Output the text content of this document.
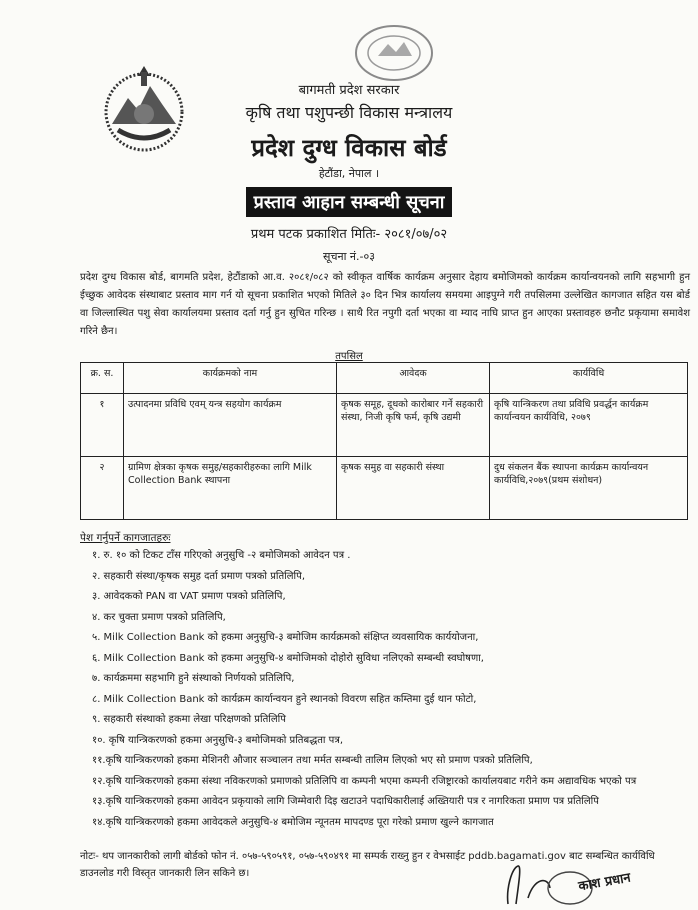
बागमती प्रदेश सरकार
कृषि तथा पशुपन्छी विकास मन्त्रालय
प्रदेश दुग्ध विकास बोर्ड
हेटौंडा, नेपाल ।
प्रस्ताव आहान सम्बन्धी सूचना
प्रथम पटक प्रकाशित मितिः- २०८१/०७/०२
सूचना नं.-०३
प्रदेश दुग्ध विकास बोर्ड, बागमति प्रदेश, हेटौंडाको आ.व. २०८१/०८२ को स्वीकृत वार्षिक कार्यक्रम अनुसार देहाय बमोजिमको कार्यक्रम कार्यान्वयनको लागि सहभागी हुन ईच्छुक आवेदक संस्थाबाट प्रस्ताव माग गर्न यो सूचना प्रकाशित भएको मितिले ३० दिन भित्र कार्यालय समयमा आइपुग्ने गरी तपसिलमा उल्लेखित कागजात सहित यस बोर्ड वा जिल्लास्थित पशु सेवा कार्यालयमा प्रस्ताव दर्ता गर्नु हुन सुचित गरिन्छ । साथै रित नपुगी दर्ता भएका वा म्याद नाघि प्राप्त हुन आएका प्रस्तावहरु छनौट प्रकृयामा समावेश गरिने छैन।
तपसिल
क्र. स.	कार्यक्रमको नाम	आवेदक	कार्यविधि
१	उत्पादनमा प्रविधि एवम् यन्त्र सहयोग कार्यक्रम	कृषक समूह, दूधको कारोबार गर्ने सहकारी संस्था, निजी कृषि फर्म, कृषि उद्यमी	कृषि यान्त्रिकरण तथा प्रविधि प्रवर्द्धन कार्यक्रम कार्यान्वयन कार्यविधि, २०७९
२	ग्रामिण क्षेत्रका कृषक समुह/सहकारीहरुका लागि Milk Collection Bank स्थापना	कृषक समुह वा सहकारी संस्था	दुध संकलन बैंक स्थापना कार्यक्रम कार्यान्वयन कार्यविधि,२०७९(प्रथम संशोधन)
पेश गर्नुपर्ने कागजातहरुः
१. रु. १० को टिकट टाँस गरिएको अनुसुचि -२ बमोजिमको आवेदन पत्र .
२. सहकारी संस्था/कृषक समुह दर्ता प्रमाण पत्रको प्रतिलिपि,
३. आवेदकको PAN वा VAT प्रमाण पत्रको प्रतिलिपि,
४. कर चुक्ता प्रमाण पत्रको प्रतिलिपि,
५. Milk Collection Bank को हकमा अनुसुचि-३ बमोजिम कार्यक्रमको संक्षिप्त व्यवसायिक कार्ययोजना,
६. Milk Collection Bank को हकमा अनुसुचि-४ बमोजिमको दोहोरो सुविधा नलिएको सम्बन्धी स्वघोषणा,
७. कार्यक्रममा सहभागि हुने संस्थाको निर्णयको प्रतिलिपि,
८. Milk Collection Bank को कार्यक्रम कार्यान्वयन हुने स्थानको विवरण सहित कम्तिमा दुई थान फोटो,
९. सहकारी संस्थाको हकमा लेखा परिक्षणको प्रतिलिपि
१०. कृषि यान्त्रिकरणको हकमा अनुसुचि-३ बमोजिमको प्रतिबद्धता पत्र,
११.कृषि यान्त्रिकरणको हकमा मेशिनरी औजार सञ्चालन तथा मर्मत सम्बन्धी तालिम लिएको भए सो प्रमाण पत्रको प्रतिलिपि,
१२.कृषि यान्त्रिकरणको हकमा संस्था नविकरणको प्रमाणको प्रतिलिपि वा कम्पनी भएमा कम्पनी रजिष्ट्रारको कार्यालयबाट गरीने कम अद्यावधिक भएको पत्र
१३.कृषि यान्त्रिकरणको हकमा आवेदन प्रकृयाको लागि जिम्मेवारी दिइ खटाउने पदाधिकारीलाई अख्तियारी पत्र र नागरिकता प्रमाण पत्र प्रतिलिपि
१४.कृषि यान्त्रिकरणको हकमा आवेदकले अनुसुचि-४ बमोजिम न्यूनतम मापदण्ड पूरा गरेको प्रमाण खुल्ने कागजात
नोटः- थप जानकारीको लागी बोर्डको फोन नं. ०५७-५९०५९१, ०५७-५९०४९१ मा सम्पर्क राख्नु हुन र वेभसाईट pddb.bagamati.gov बाट सम्बन्धित कार्यविधि डाउनलोड गरी विस्तृत जानकारी लिन सकिने छ।	काश प्रधान
